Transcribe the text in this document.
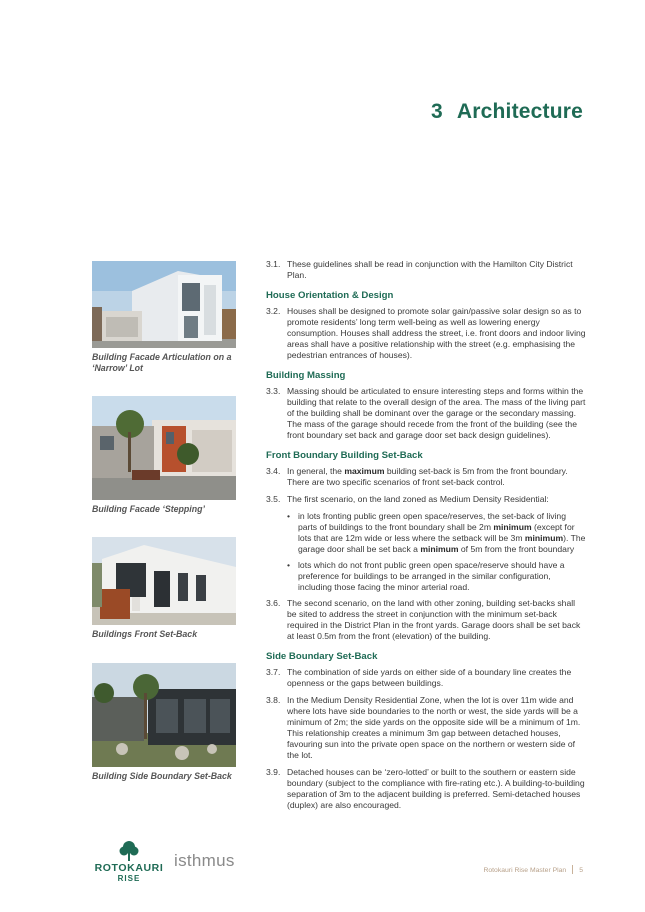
3 Architecture
Building Facade Articulation on a ‘Narrow’ Lot
Building Facade ‘Stepping’
Buildings Front Set-Back
Building Side Boundary Set-Back
3.1. These guidelines shall be read in conjunction with the Hamilton City District Plan.
House Orientation & Design
3.2. Houses shall be designed to promote solar gain/passive solar design so as to promote residents’ long term well-being as well as lowering energy consumption. Houses shall address the street, i.e. front doors and indoor living areas shall have a positive relationship with the street (e.g. emphasising the pedestrian entrances of houses).
Building Massing
3.3. Massing should be articulated to ensure interesting steps and forms within the building that relate to the overall design of the area. The mass of the living part of the building shall be dominant over the garage or the secondary massing. The mass of the garage should recede from the front of the building (see the front boundary set back and garage door set back design guidelines).
Front Boundary Building Set-Back
3.4. In general, the maximum building set-back is 5m from the front boundary. There are two specific scenarios of front set-back control.
3.5. The first scenario, on the land zoned as Medium Density Residential:
• in lots fronting public green open space/reserves, the set-back of living parts of buildings to the front boundary shall be 2m minimum (except for lots that are 12m wide or less where the setback will be 3m minimum). The garage door shall be set back a minimum of 5m from the front boundary
• lots which do not front public green open space/reserve should have a preference for buildings to be arranged in the similar configuration, including those facing the minor arterial road.
3.6. The second scenario, on the land with other zoning, building set-backs shall be sited to address the street in conjunction with the minimum set-back required in the District Plan in the front yards. Garage doors shall be set back at least 0.5m from the front (elevation) of the building.
Side Boundary Set-Back
3.7. The combination of side yards on either side of a boundary line creates the openness or the gaps between buildings.
3.8. In the Medium Density Residential Zone, when the lot is over 11m wide and where lots have side boundaries to the north or west, the side yards will be a minimum of 2m; the side yards on the opposite side will be a minimum of 1m. This relationship creates a minimum 3m gap between detached houses, favouring sun into the private open space on the northern or western side of the lot.
3.9. Detached houses can be ‘zero-lotted’ or built to the southern or eastern side boundary (subject to the compliance with fire-rating etc.). A building-to-building separation of 3m to the adjacent building is preferred. Semi-detached houses (duplex) are also encouraged.
ROTOKAURI
RISE
isthmus
Rotokauri Rise Master Plan 5
